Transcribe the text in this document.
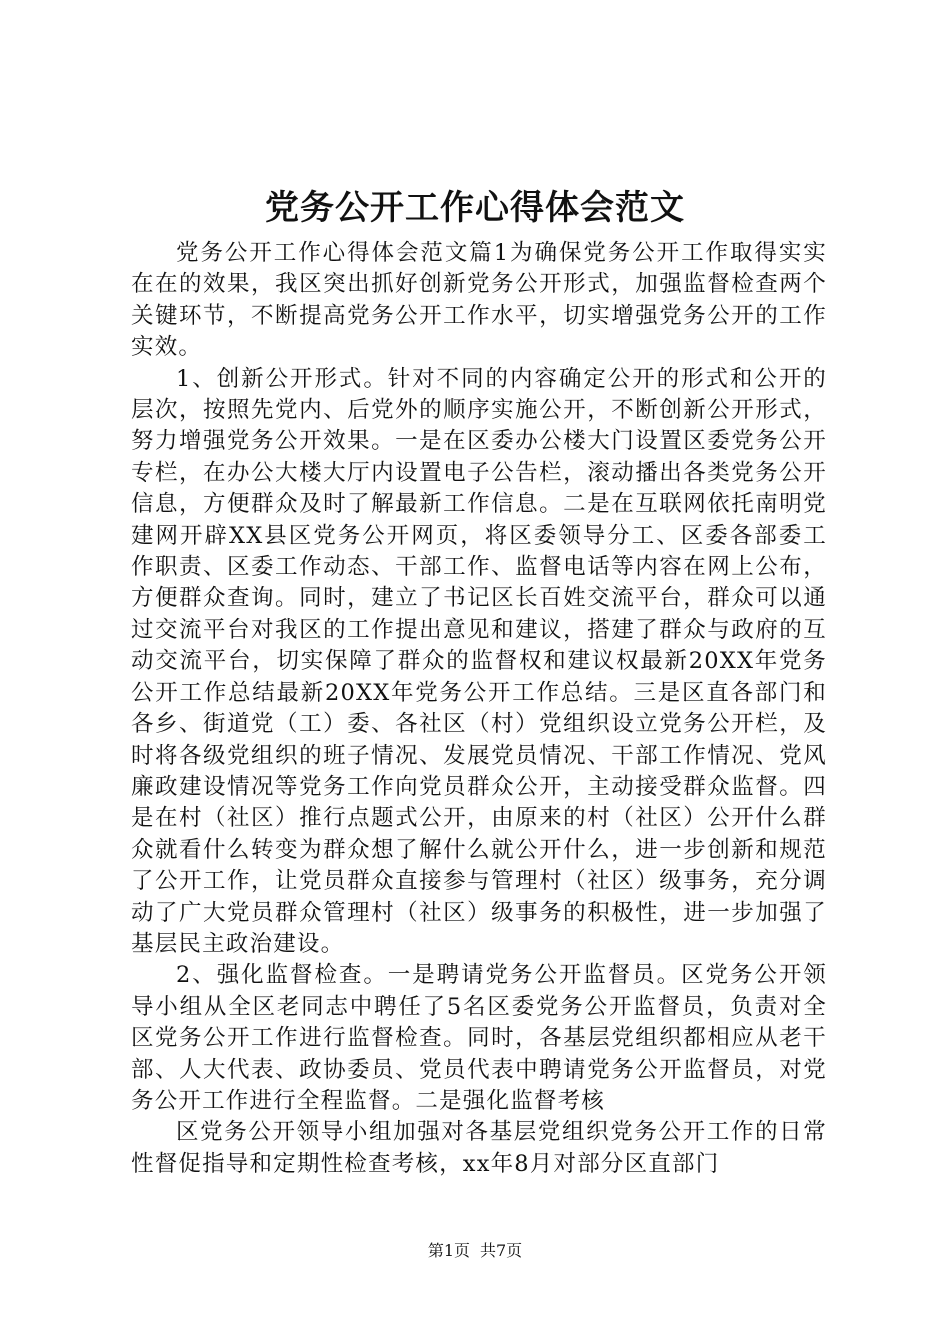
党务公开工作心得体会范文

党务公开工作心得体会范文篇1为确保党务公开工作取得实实在在的效果，我区突出抓好创新党务公开形式，加强监督检查两个关键环节，不断提高党务公开工作水平，切实增强党务公开的工作实效。

1、创新公开形式。针对不同的内容确定公开的形式和公开的层次，按照先党内、后党外的顺序实施公开，不断创新公开形式，努力增强党务公开效果。一是在区委办公楼大门设置区委党务公开专栏，在办公大楼大厅内设置电子公告栏，滚动播出各类党务公开信息，方便群众及时了解最新工作信息。二是在互联网依托南明党建网开辟XX县区党务公开网页，将区委领导分工、区委各部委工作职责、区委工作动态、干部工作、监督电话等内容在网上公布，方便群众查询。同时，建立了书记区长百姓交流平台，群众可以通过交流平台对我区的工作提出意见和建议，搭建了群众与政府的互动交流平台，切实保障了群众的监督权和建议权最新20XX年党务公开工作总结最新20XX年党务公开工作总结。三是区直各部门和各乡、街道党（工）委、各社区（村）党组织设立党务公开栏，及时将各级党组织的班子情况、发展党员情况、干部工作情况、党风廉政建设情况等党务工作向党员群众公开，主动接受群众监督。四是在村（社区）推行点题式公开，由原来的村（社区）公开什么群众就看什么转变为群众想了解什么就公开什么，进一步创新和规范了公开工作，让党员群众直接参与管理村（社区）级事务，充分调动了广大党员群众管理村（社区）级事务的积极性，进一步加强了基层民主政治建设。

2、强化监督检查。一是聘请党务公开监督员。区党务公开领导小组从全区老同志中聘任了5名区委党务公开监督员，负责对全区党务公开工作进行监督检查。同时，各基层党组织都相应从老干部、人大代表、政协委员、党员代表中聘请党务公开监督员，对党务公开工作进行全程监督。二是强化监督考核

区党务公开领导小组加强对各基层党组织党务公开工作的日常性督促指导和定期性检查考核，xx年8月对部分区直部门

第1页 共7页
